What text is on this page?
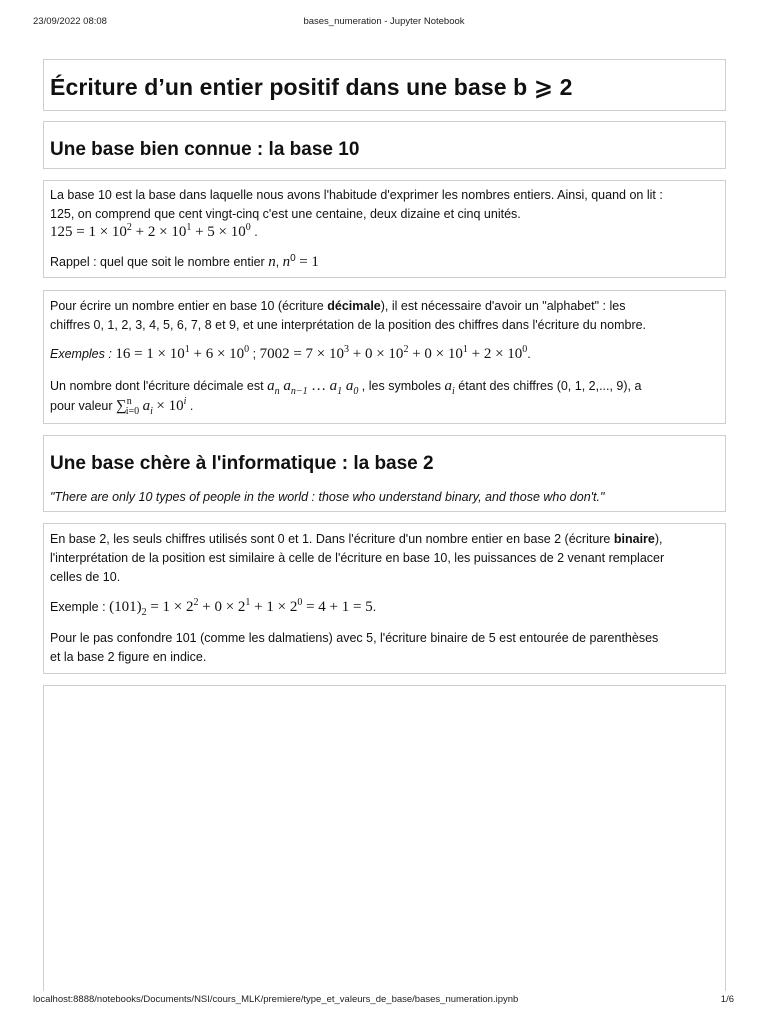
23/09/2022 08:08	bases_numeration - Jupyter Notebook
Écriture d’un entier positif dans une base b ⩾ 2
Une base bien connue : la base 10
La base 10 est la base dans laquelle nous avons l'habitude d'exprimer les nombres entiers. Ainsi, quand on lit :
125, on comprend que cent vingt-cinq c'est une centaine, deux dizaine et cinq unités.
$125 = 1 \times 10^2 + 2 \times 10^1 + 5 \times 10^0$ .
Rappel : quel que soit le nombre entier n, $n^0 = 1$
Pour écrire un nombre entier en base 10 (écriture décimale), il est nécessaire d'avoir un "alphabet" : les
chiffres 0, 1, 2, 3, 4, 5, 6, 7, 8 et 9, et une interprétation de la position des chiffres dans l'écriture du nombre.
Exemples : $16 = 1 \times 10^1 + 6 \times 10^0$ ; $7002 = 7 \times 10^3 + 0 \times 10^2 + 0 \times 10^1 + 2 \times 10^0$.
Un nombre dont l'écriture décimale est $a_n$ $a_{n-1}$ … $a_1$ $a_0$ , les symboles $a_i$ étant des chiffres (0, 1, 2,..., 9), a
pour valeur ∑$^n_{i=0}$ $a_i \times 10^i$ .
Une base chère à l'informatique : la base 2
"There are only 10 types of people in the world : those who understand binary, and those who don't."
En base 2, les seuls chiffres utilisés sont 0 et 1. Dans l'écriture d'un nombre entier en base 2 (écriture binaire),
l'interprétation de la position est similaire à celle de l'écriture en base 10, les puissances de 2 venant remplacer
celles de 10.
Exemple : $(101)_2 = 1 \times 2^2 + 0 \times 2^1 + 1 \times 2^0 = 4 + 1 = 5$.
Pour le pas confondre 101 (comme les dalmatiens) avec 5, l'écriture binaire de 5 est entourée de parenthèses
et la base 2 figure en indice.
localhost:8888/notebooks/Documents/NSI/cours_MLK/premiere/type_et_valeurs_de_base/bases_numeration.ipynb	1/6
